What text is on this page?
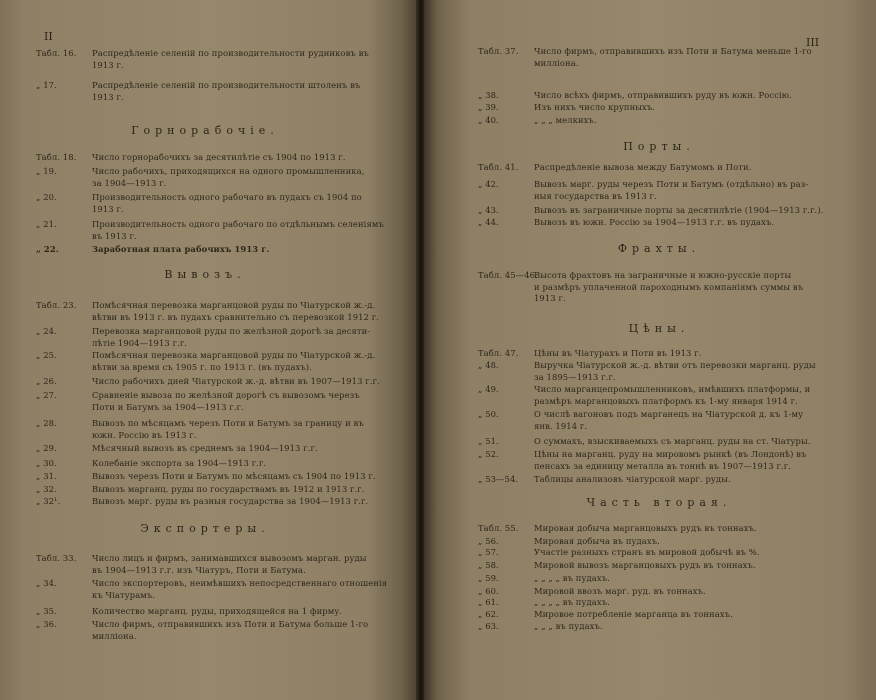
II
Табл. 16. Распредѣленіе селеній по производительности рудниковъ въ
1913 г.
„ 17.	Распредѣленіе селеній по производительности штоленъ въ
1913 г.
Горнорабочіе.
Табл. 18. Число горнорабочихъ за десятилѣтіе съ 1904 по 1913 г.
„ 19.	Число рабочихъ, приходящихся на одного промышленника,
за 1904—1913 г.
„ 20.	Производительность одного рабочаго въ пудахъ съ 1904 по
1913 г.
„ 21.	Производительность одного рабочаго по отдѣльнымъ селеніямъ
въ 1913 г.
„ 22.	Заработная плата рабочихъ 1913 г.
Вывозъ.
Табл. 23. Помѣсячная перевозка марганцовой руды по Чіатурской ж.-д.
вѣтви въ 1913 г. въ пудахъ сравнительно съ перевозкой 1912 г.
„ 24.	Перевозка марганцовой руды по желѣзной дорогѣ за десяти-
лѣтіе 1904—1913 г.г.
„ 25.	Помѣсячная перевозка марганцовой руды по Чіатурской ж.-д.
вѣтви за время съ 1905 г. по 1913 г. (въ пудахъ).
„ 26.	Число рабочихъ дней Чіатурской ж.-д. вѣтви въ 1907—1913 г.г.
„ 27.	Сравненіе вывоза по желѣзной дорогѣ съ вывозомъ черезъ
Поти и Батумъ за 1904—1913 г.г.
„ 28.	Вывозъ по мѣсяцамъ черезъ Поти и Батумъ за границу и въ
южн. Россію въ 1913 г.
„ 29.	Мѣсячный вывозъ въ среднемъ за 1904—1913 г.г.
„ 30.	Колебаніе экспорта за 1904—1913 г.г.
„ 31.	Вывозъ черезъ Поти и Батумъ по мѣсяцамъ съ 1904 по 1913 г.
„ 32.	Вывозъ марганц. руды по государствамъ въ 1912 и 1913 г.г.
„ 32¹.	Вывозъ марг. руды въ разныя государства за 1904—1913 г.г.
Экспортеры.
Табл. 33. Число лицъ и фирмъ, занимавшихся вывозомъ марган. руды
въ 1904—1913 г.г. изъ Чіатуръ, Поти и Батума.
„ 34.	Число экспортеровъ, неимѣвшихъ непосредственнаго отношенія
къ Чіатурамъ.
„ 35.	Количество марганц. руды, приходящейся на 1 фирму.
„ 36.	Число фирмъ, отправившихъ изъ Поти и Батума больше 1-го
милліона.
III
Табл. 37. Число фирмъ, отправившихъ изъ Поти и Батума меньше 1-го
милліона.
„ 38.	Число всѣхъ фирмъ, отправившихъ руду въ южн. Россію.
„ 39.	Изъ нихъ число крупныхъ.
„ 40.	„ „ „ мелкихъ.
Порты.
Табл. 41. Распредѣленіе вывоза между Батумомъ и Поти.
„ 42.	Вывозъ марг. руды черезъ Поти и Батумъ (отдѣльно) въ раз-
ныя государства въ 1913 г.
„ 43.	Вывозъ въ заграничные порты за десятилѣтіе (1904—1913 г.г.).
„ 44.	Вывозъ въ южн. Россію за 1904—1913 г.г. въ пудахъ.
Фрахты.
Табл. 45—46.
Высота фрахтовъ на заграничные и южно-русскіе порты
и размѣръ уплаченной пароходнымъ компаніямъ суммы въ
1913 г.
Цѣны.
Табл. 47. Цѣны въ Чіатурахъ и Поти въ 1913 г.
„ 48.	Выручка Чіатурской ж.-д. вѣтви отъ перевозки марганц. руды
за 1895—1913 г.г.
„ 49.	Число марганцепромышленниковъ, имѣвшихъ платформы, и
размѣръ марганцовыхъ платформъ къ 1-му января 1914 г.
„ 50.	О числѣ вагоновъ подъ марганецъ на Чіатурской д. къ 1-му
янв. 1914 г.
„ 51.	О суммахъ, взыскиваемыхъ съ марганц. руды на ст. Чіатуры.
„ 52.	Цѣны на марганц. руду на мировомъ рынкѣ (въ Лондонѣ) въ
пенсахъ за единицу металла въ тоннѣ въ 1907—1913 г.г.
„ 53—54. Таблицы анализовъ чіатурской марг. руды.
Часть вторая.
Табл. 55. Мировая добыча марганцовыхъ рудъ въ тоннахъ.
„ 56.	Мировая добыча въ пудахъ.
„ 57.	Участіе разныхъ странъ въ мировой добычѣ въ %.
„ 58.	Мировой вывозъ марганцовыхъ рудъ въ тоннахъ.
„ 59.	„ „ „ „ въ пудахъ.
„ 60.	Мировой ввозъ марг. руд. въ тоннахъ.
„ 61.	„ „ „ „ въ пудахъ.
„ 62.	Мировое потребленіе марганца въ тоннахъ.
„ 63.	„ „ „ въ пудахъ.
